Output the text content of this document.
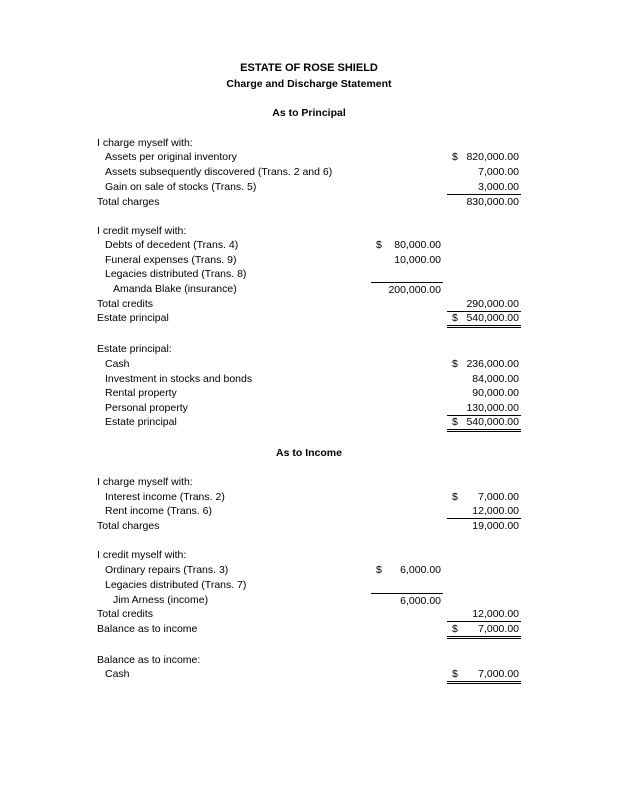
ESTATE OF ROSE SHIELD
Charge and Discharge Statement
As to Principal
I charge myself with:
Assets per original inventory	$ 820,000.00
Assets subsequently discovered (Trans. 2 and 6)	7,000.00
Gain on sale of stocks (Trans. 5)	3,000.00
Total charges	830,000.00
I credit myself with:
Debts of decedent (Trans. 4)	$ 80,000.00
Funeral expenses (Trans. 9)	10,000.00
Legacies distributed (Trans. 8)
Amanda Blake (insurance)	200,000.00
Total credits	290,000.00
Estate principal	$ 540,000.00
Estate principal:
Cash	$ 236,000.00
Investment in stocks and bonds	84,000.00
Rental property	90,000.00
Personal property	130,000.00
Estate principal	$ 540,000.00
As to Income
I charge myself with:
Interest income (Trans. 2)	$ 7,000.00
Rent income (Trans. 6)	12,000.00
Total charges	19,000.00
I credit myself with:
Ordinary repairs (Trans. 3)	$ 6,000.00
Legacies distributed (Trans. 7)
Jim Arness (income)	6,000.00
Total credits	12,000.00
Balance as to income	$ 7,000.00
Balance as to income:
Cash	$ 7,000.00
